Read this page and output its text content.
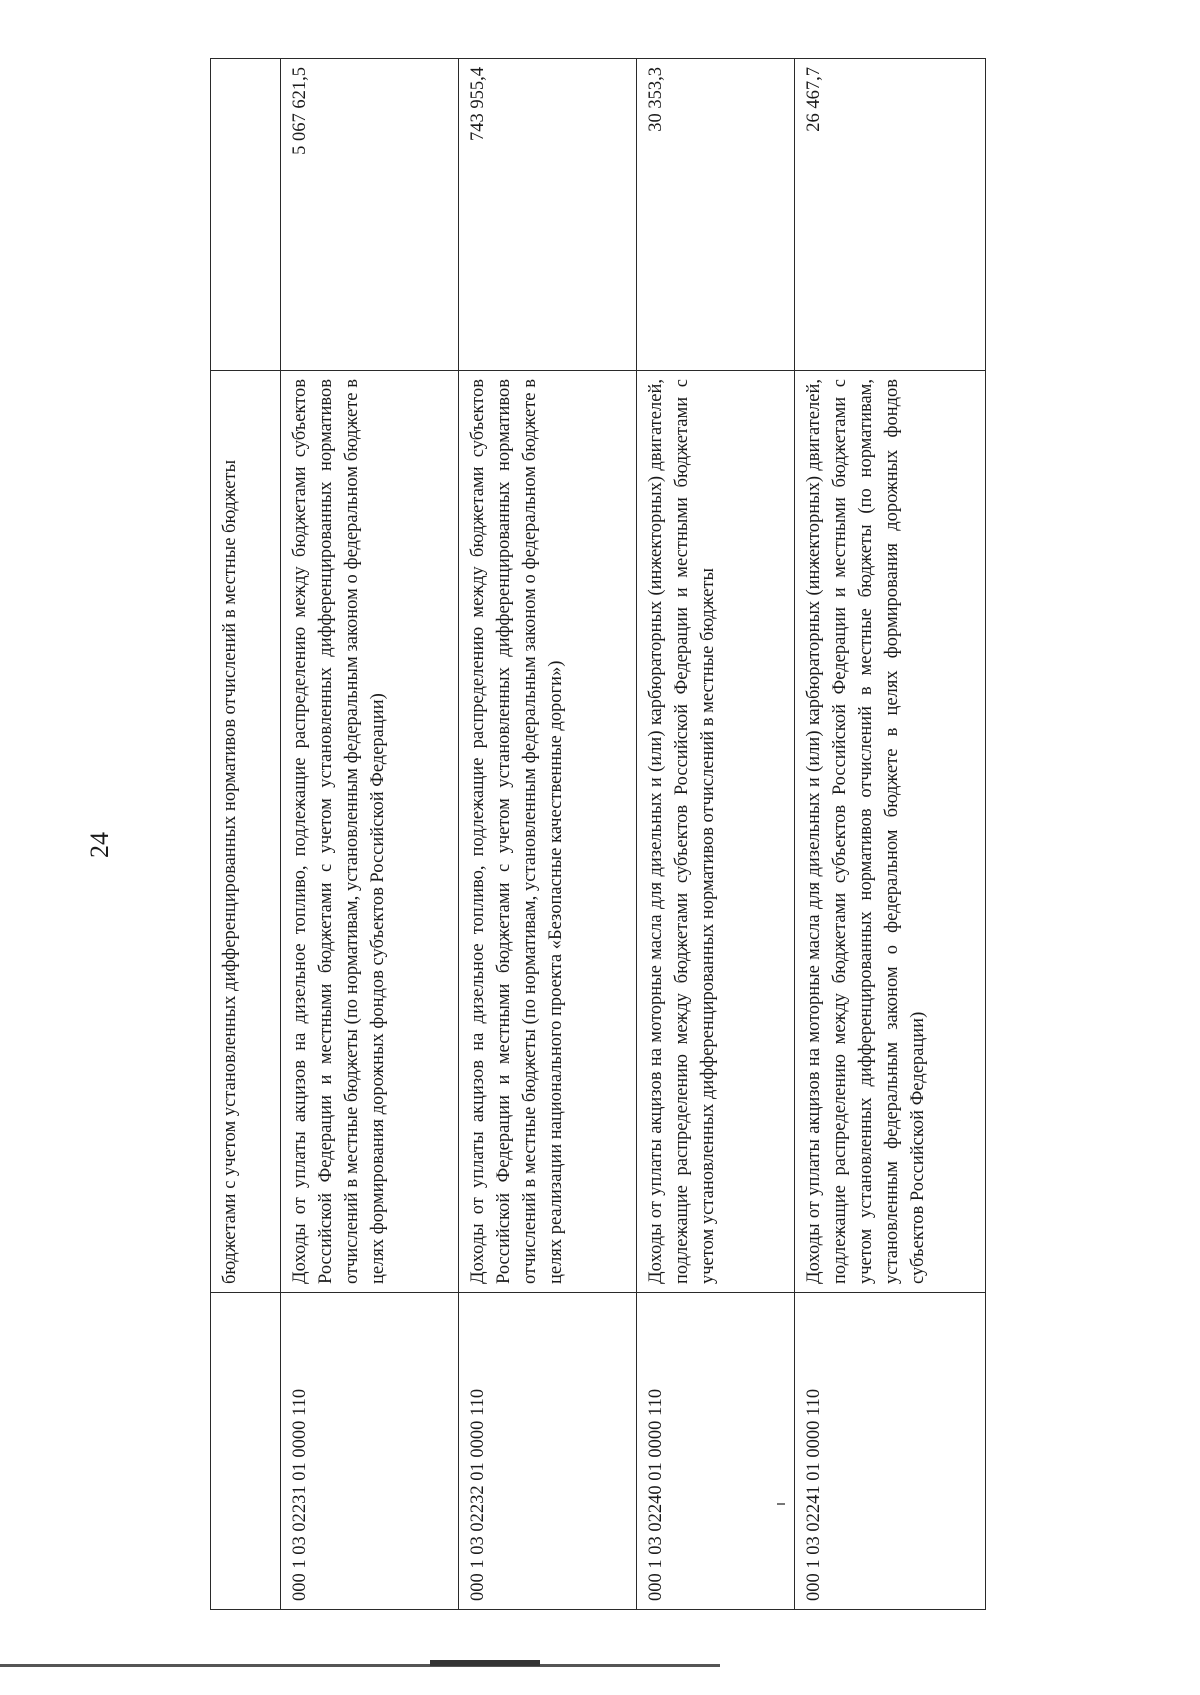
24
		бюджетами с учетом установленных дифференцированных нормативов отчислений в местные бюджеты	
000 1 03 02231 01 0000 110	Доходы от уплаты акцизов на дизельное топливо, подлежащие распределению между бюджетами субъектов Российской Федерации и местными бюджетами с учетом установленных дифференцированных нормативов отчислений в местные бюджеты (по нормативам, установленным федеральным законом о федеральном бюджете в целях формирования дорожных фондов субъектов Российской Федерации)	5 067 621,5
000 1 03 02232 01 0000 110	Доходы от уплаты акцизов на дизельное топливо, подлежащие распределению между бюджетами субъектов Российской Федерации и местными бюджетами с учетом установленных дифференцированных нормативов отчислений в местные бюджеты (по нормативам, установленным федеральным законом о федеральном бюджете в целях реализации национального проекта «Безопасные качественные дороги»)	743 955,4
000 1 03 02240 01 0000 110	Доходы от уплаты акцизов на моторные масла для дизельных и (или) карбюраторных (инжекторных) двигателей, подлежащие распределению между бюджетами субъектов Российской Федерации и местными бюджетами с учетом установленных дифференцированных нормативов отчислений в местные бюджеты	30 353,3
000 1 03 02241 01 0000 110	Доходы от уплаты акцизов на моторные масла для дизельных и (или) карбюраторных (инжекторных) двигателей, подлежащие распределению между бюджетами субъектов Российской Федерации и местными бюджетами с учетом установленных дифференцированных нормативов отчислений в местные бюджеты (по нормативам, установленным федеральным законом о федеральном бюджете в целях формирования дорожных фондов субъектов Российской Федерации)	26 467,7
